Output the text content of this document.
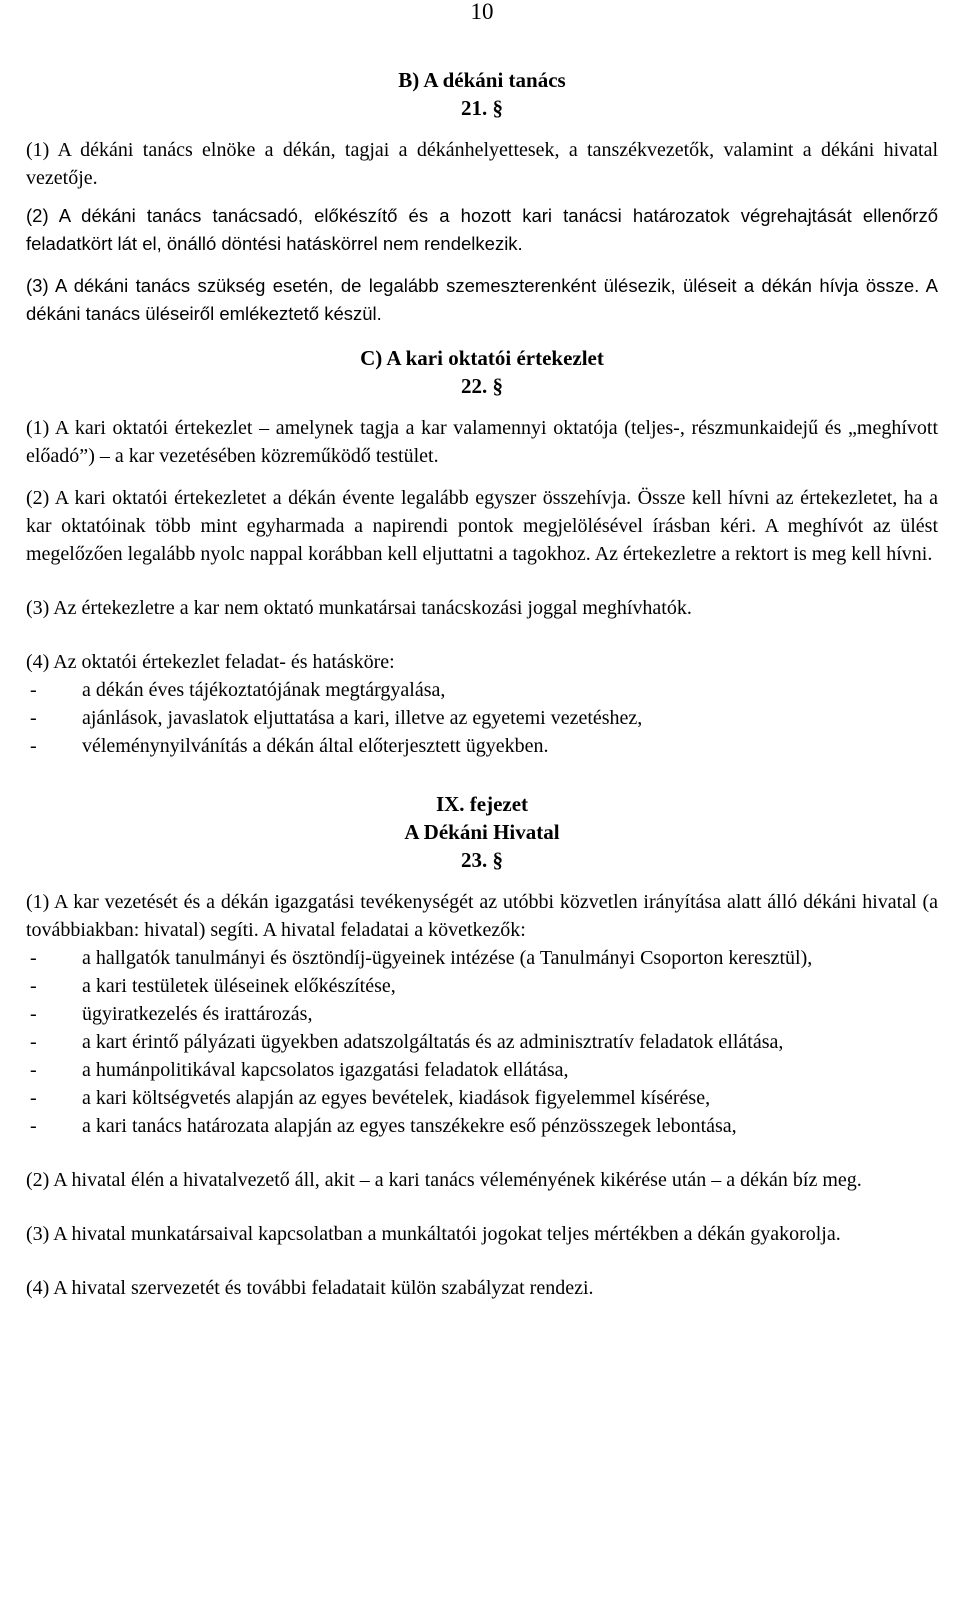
10
B) A dékáni tanács
21. §

(1) A dékáni tanács elnöke a dékán, tagjai a dékánhelyettesek, a tanszékvezetők, valamint a dékáni hivatal vezetője.

(2) A dékáni tanács tanácsadó, előkészítő és a hozott kari tanácsi határozatok végrehajtását ellenőrző feladatkört lát el, önálló döntési hatáskörrel nem rendelkezik.

(3) A dékáni tanács szükség esetén, de legalább szemeszterenként ülésezik, üléseit a dékán hívja össze. A dékáni tanács üléseiről emlékeztető készül.

C) A kari oktatói értekezlet
22. §

(1) A kari oktatói értekezlet – amelynek tagja a kar valamennyi oktatója (teljes-, részmunkaidejű és „meghívott előadó”) – a kar vezetésében közreműködő testület.

(2) A kari oktatói értekezletet a dékán évente legalább egyszer összehívja. Össze kell hívni az értekezletet, ha a kar oktatóinak több mint egyharmada a napirendi pontok megjelölésével írásban kéri. A meghívót az ülést megelőzően legalább nyolc nappal korábban kell eljuttatni a tagokhoz. Az értekezletre a rektort is meg kell hívni.

(3) Az értekezletre a kar nem oktató munkatársai tanácskozási joggal meghívhatók.

(4) Az oktatói értekezlet feladat- és hatásköre:

- a dékán éves tájékoztatójának megtárgyalása,
- ajánlások, javaslatok eljuttatása a kari, illetve az egyetemi vezetéshez,
- véleménynyilvánítás a dékán által előterjesztett ügyekben.
IX. fejezet
A Dékáni Hivatal
23. §

(1) A kar vezetését és a dékán igazgatási tevékenységét az utóbbi közvetlen irányítása alatt álló dékáni hivatal (a továbbiakban: hivatal) segíti. A hivatal feladatai a következők:

- a hallgatók tanulmányi és ösztöndíj-ügyeinek intézése (a Tanulmányi Csoporton keresztül),
- a kari testületek üléseinek előkészítése,
- ügyiratkezelés és irattározás,
- a kart érintő pályázati ügyekben adatszolgáltatás és az adminisztratív feladatok ellátása,
- a humánpolitikával kapcsolatos igazgatási feladatok ellátása,
- a kari költségvetés alapján az egyes bevételek, kiadások figyelemmel kísérése,
- a kari tanács határozata alapján az egyes tanszékekre eső pénzösszegek lebontása,

(2) A hivatal élén a hivatalvezető áll, akit – a kari tanács véleményének kikérése után – a dékán bíz meg.

(3) A hivatal munkatársaival kapcsolatban a munkáltatói jogokat teljes mértékben a dékán gyakorolja.

(4) A hivatal szervezetét és további feladatait külön szabályzat rendezi.
